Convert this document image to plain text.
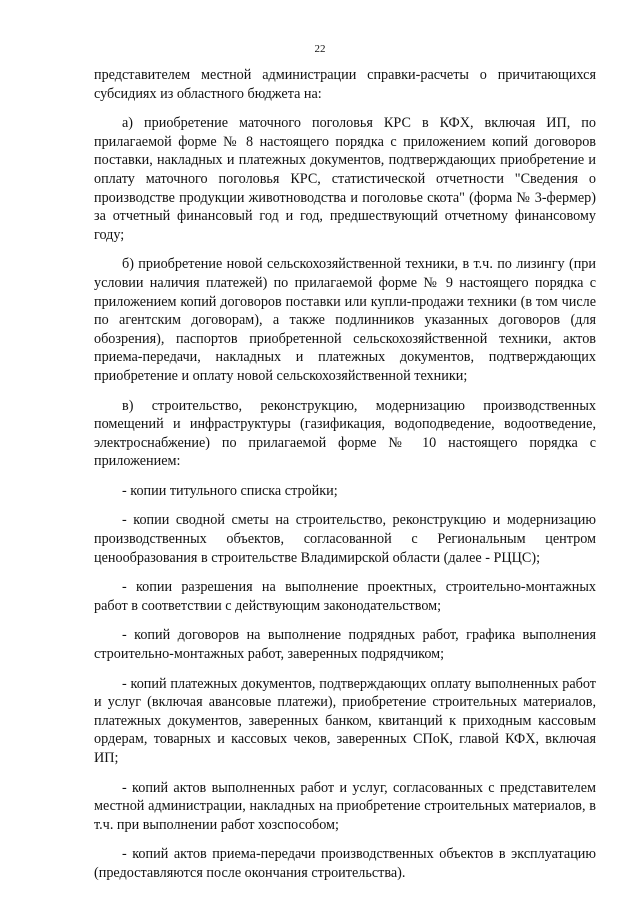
22

представителем местной администрации справки-расчеты о причитающихся субсидиях из областного бюджета на:

а) приобретение маточного поголовья КРС в КФХ, включая ИП, по прилагаемой форме № 8 настоящего порядка с приложением копий договоров поставки, накладных и платежных документов, подтверждающих приобретение и оплату маточного поголовья КРС, статистической отчетности "Сведения о производстве продукции животноводства и поголовье скота" (форма № 3-фермер) за отчетный финансовый год и год, предшествующий отчетному финансовому году;

б) приобретение новой сельскохозяйственной техники, в т.ч. по лизингу (при условии наличия платежей) по прилагаемой форме № 9 настоящего порядка с приложением копий договоров поставки или купли-продажи техники (в том числе по агентским договорам), а также подлинников указанных договоров (для обозрения), паспортов приобретенной сельскохозяйственной техники, актов приема-передачи, накладных и платежных документов, подтверждающих приобретение и оплату новой сельскохозяйственной техники;

в) строительство, реконструкцию, модернизацию производственных помещений и инфраструктуры (газификация, водоподведение, водоотведение, электроснабжение) по прилагаемой форме № 10 настоящего порядка с приложением:

- копии титульного списка стройки;

- копии сводной сметы на строительство, реконструкцию и модернизацию производственных объектов, согласованной с Региональным центром ценообразования в строительстве Владимирской области (далее - РЦЦС);

- копии разрешения на выполнение проектных, строительно-монтажных работ в соответствии с действующим законодательством;

- копий договоров на выполнение подрядных работ, графика выполнения строительно-монтажных работ, заверенных подрядчиком;

- копий платежных документов, подтверждающих оплату выполненных работ и услуг (включая авансовые платежи), приобретение строительных материалов, платежных документов, заверенных банком, квитанций к приходным кассовым ордерам, товарных и кассовых чеков, заверенных СПоК, главой КФХ, включая ИП;

- копий актов выполненных работ и услуг, согласованных с представителем местной администрации, накладных на приобретение строительных материалов, в т.ч. при выполнении работ хозспособом;

- копий актов приема-передачи производственных объектов в эксплуатацию (предоставляются после окончания строительства).
